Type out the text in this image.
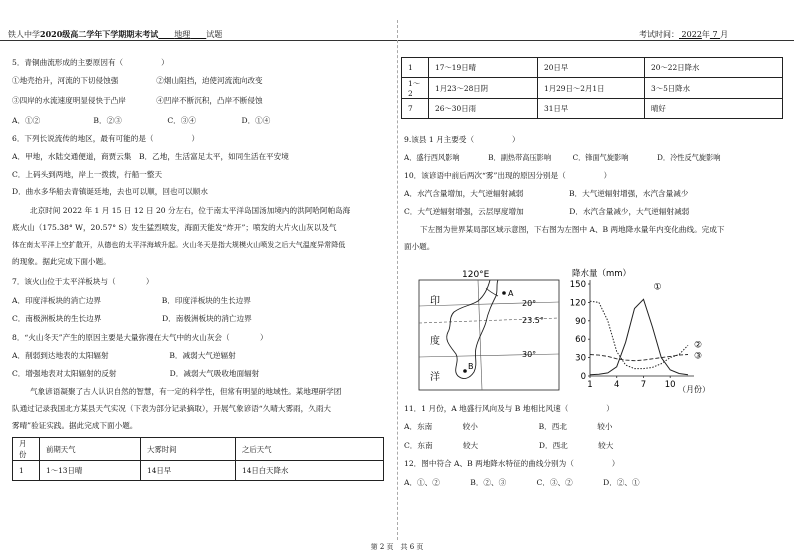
铁人中学2020级高二学年下学期期末考试   地理   试题	考试时间： 2022年 7 月
5．青铜曲流形成的主要原因有（　　　　　）
①地壳抬升，河流的下切侵蚀强　　　　　②烟山阻挡，迫使河流流向改变
③四岸的水流速度明显侵快于凸岸　　　　④凹岸不断沉积，凸岸不断侵蚀
A．①②　　　　　　　B．②③　　　　　　C．③④　　　　　　D．①④
6．下列长说流传的地区，最有可能的是（　　　　　）
A．甲地，水陆交通便道，商贾云集　B．乙地，生活富足太平，如同生活在平安境
C．上码头到两地，岸上一拨拨，行船一整天
D．曲水多华船去青镇诞廷地，去也可以顺，回也可以顺水
北京时间 2022 年 1 月 15 日 12 日 20 分左右，位于南太平洋岛国汤加境内的洪阿哈阿帕岛海
底火山（175.38° W，20.57° S）发生猛烈喷发，海面天能发“炸开”；喷发的大片火山灰以及气
体在南太平洋上空扩散开，从德也的太平洋海域升起。火山冬天是指大规模火山喷发之后大气温度异常降低
的现象。据此完成下面小题。
7．该火山位于太平洋板块与（　　　　）
A．印度洋板块的消亡边界　　　　　　　　B．印度洋板块的生长边界
C．南极洲板块的生长边界　　　　　　　　D．南极洲板块的消亡边界
8．“火山冬天”产生的原因主要是大量弥漫在大气中的火山灰会（　　　　）
A．削弱到达地表的太阳辐射　　　　　　　　B．减弱大气逆辐射
C．增强地表对太阳辐射的反射　　　　　　　D．减弱大气吸收地面辐射
气象谚语凝聚了古人认识自然的智慧，有一定的科学性，但常有明显的地域性。某地理研学团
队通过记录我国北方某县天气实况（下表为部分记录摘取），开展气象谚语“久晴大雾雨，久雨大
雾晴”验证实践。据此完成下面小题。
月份	前期天气	大雾时间	之后天气
1	1～13日晴	14日早	14日白天降水
1	17～19日晴	20日早	20～22日降水
1～2	1月23～28日阴	1月29日～2月1日	3～5日降水
7	26～30日雨	31日早	晴好
9.该县 1 月主要受（　　　　　）
A．盛行西风影响　　　　B．副热带高压影响　　　C．锋面气旋影响　　　　D．冷性反气旋影响
10．该谚语中前后两次“雾”出现的原因分别是（　　　　　）
A．水汽含量增加，大气逆辐射减弱　　　　　　B．大气逆辐射增强，水汽含量减少
C．大气逆辐射增强，云层厚度增加　　　　　　D．水汽含量减少，大气逆辐射减弱
下左图为世界某局部区域示意图，下右图为左图中 A、B 两地降水量年内变化曲线。完成下
面小题。
120°E
A
B
20°
23.5°
30°
印
度
洋
降水量（mm）
0
30
60
90
120
150
1	4	7 10
①
②
③
（月份）
11．1 月份，A 地盛行风向及与 B 地相比风速（　　　　　）
A．东南　　　　较小　　　　　　　　B．西北　　　　较小
C．东南　　　　较大　　　　　　　　D．西北　　　　较大
12．图中符合 A、B 两地降水特征的曲线分别为（　　　　　）
A．①、②　　　　B．②、③　　　　C．③、②　　　　D．②、①
第 2 页　共 6 页
